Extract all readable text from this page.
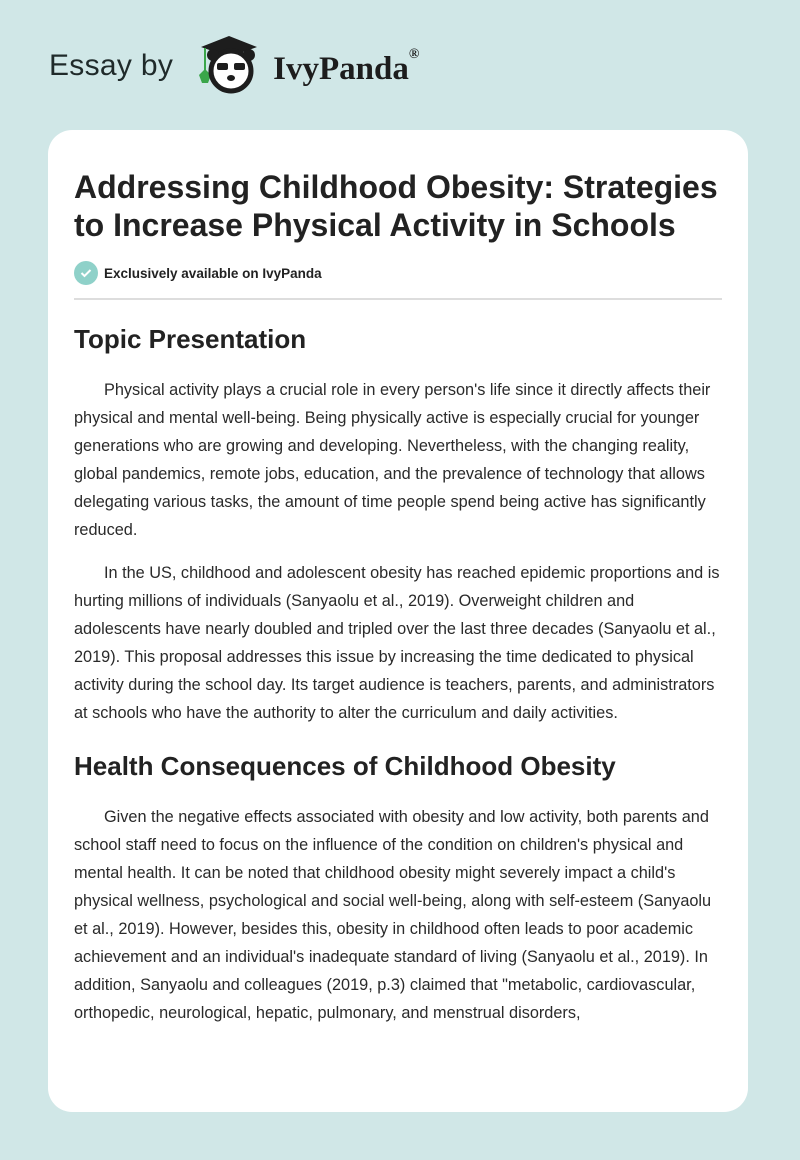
Essay by	IvyPanda®
Addressing Childhood Obesity: Strategies to Increase Physical Activity in Schools
Exclusively available on IvyPanda
Topic Presentation

Physical activity plays a crucial role in every person's life since it directly affects their physical and mental well-being. Being physically active is especially crucial for younger generations who are growing and developing. Nevertheless, with the changing reality, global pandemics, remote jobs, education, and the prevalence of technology that allows delegating various tasks, the amount of time people spend being active has significantly reduced.

In the US, childhood and adolescent obesity has reached epidemic proportions and is hurting millions of individuals (Sanyaolu et al., 2019). Overweight children and adolescents have nearly doubled and tripled over the last three decades (Sanyaolu et al., 2019). This proposal addresses this issue by increasing the time dedicated to physical activity during the school day. Its target audience is teachers, parents, and administrators at schools who have the authority to alter the curriculum and daily activities.

Health Consequences of Childhood Obesity

Given the negative effects associated with obesity and low activity, both parents and school staff need to focus on the influence of the condition on children's physical and mental health. It can be noted that childhood obesity might severely impact a child's physical wellness, psychological and social well-being, along with self-esteem (Sanyaolu et al., 2019). However, besides this, obesity in childhood often leads to poor academic achievement and an individual's inadequate standard of living (Sanyaolu et al., 2019). In addition, Sanyaolu and colleagues (2019, p.3) claimed that "metabolic, cardiovascular, orthopedic, neurological, hepatic, pulmonary, and menstrual disorders,
